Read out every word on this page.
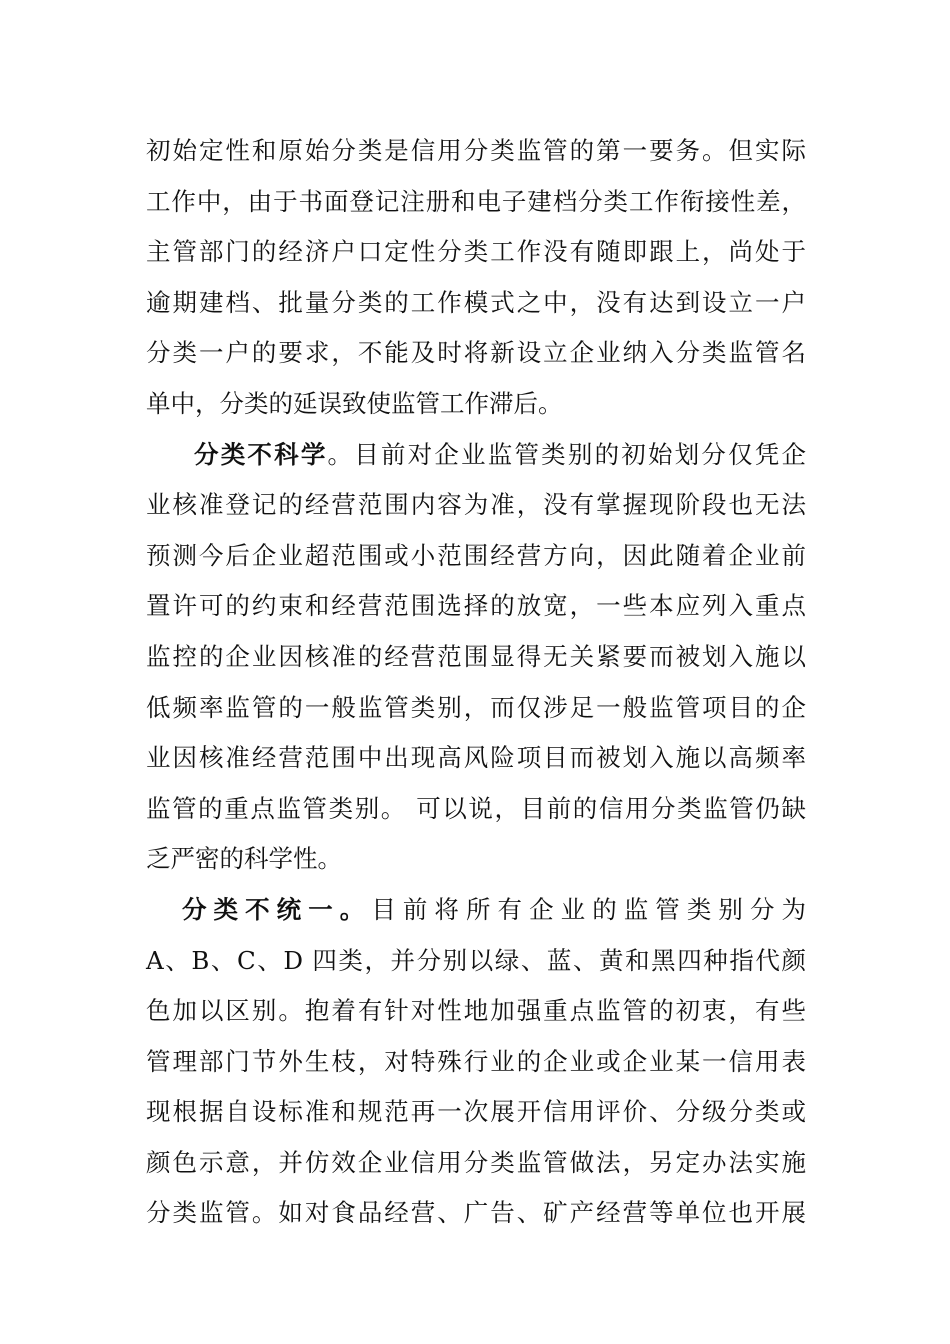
初始定性和原始分类是信用分类监管的第一要务。但实际
工作中，由于书面登记注册和电子建档分类工作衔接性差，
主管部门的经济户口定性分类工作没有随即跟上，尚处于
逾期建档、批量分类的工作模式之中，没有达到设立一户
分类一户的要求，不能及时将新设立企业纳入分类监管名
单中，分类的延误致使监管工作滞后。
分类不科学。目前对企业监管类别的初始划分仅凭企
业核准登记的经营范围内容为准，没有掌握现阶段也无法
预测今后企业超范围或小范围经营方向，因此随着企业前
置许可的约束和经营范围选择的放宽，一些本应列入重点
监控的企业因核准的经营范围显得无关紧要而被划入施以
低频率监管的一般监管类别，而仅涉足一般监管项目的企
业因核准经营范围中出现高风险项目而被划入施以高频率
监管的重点监管类别。 可以说，目前的信用分类监管仍缺
乏严密的科学性。
分类不统一。目前将所有企业的监管类别分为
A、B、C、D 四类，并分别以绿、蓝、黄和黑四种指代颜
色加以区别。抱着有针对性地加强重点监管的初衷，有些
管理部门节外生枝，对特殊行业的企业或企业某一信用表
现根据自设标准和规范再一次展开信用评价、分级分类或
颜色示意，并仿效企业信用分类监管做法，另定办法实施
分类监管。如对食品经营、广告、矿产经营等单位也开展
